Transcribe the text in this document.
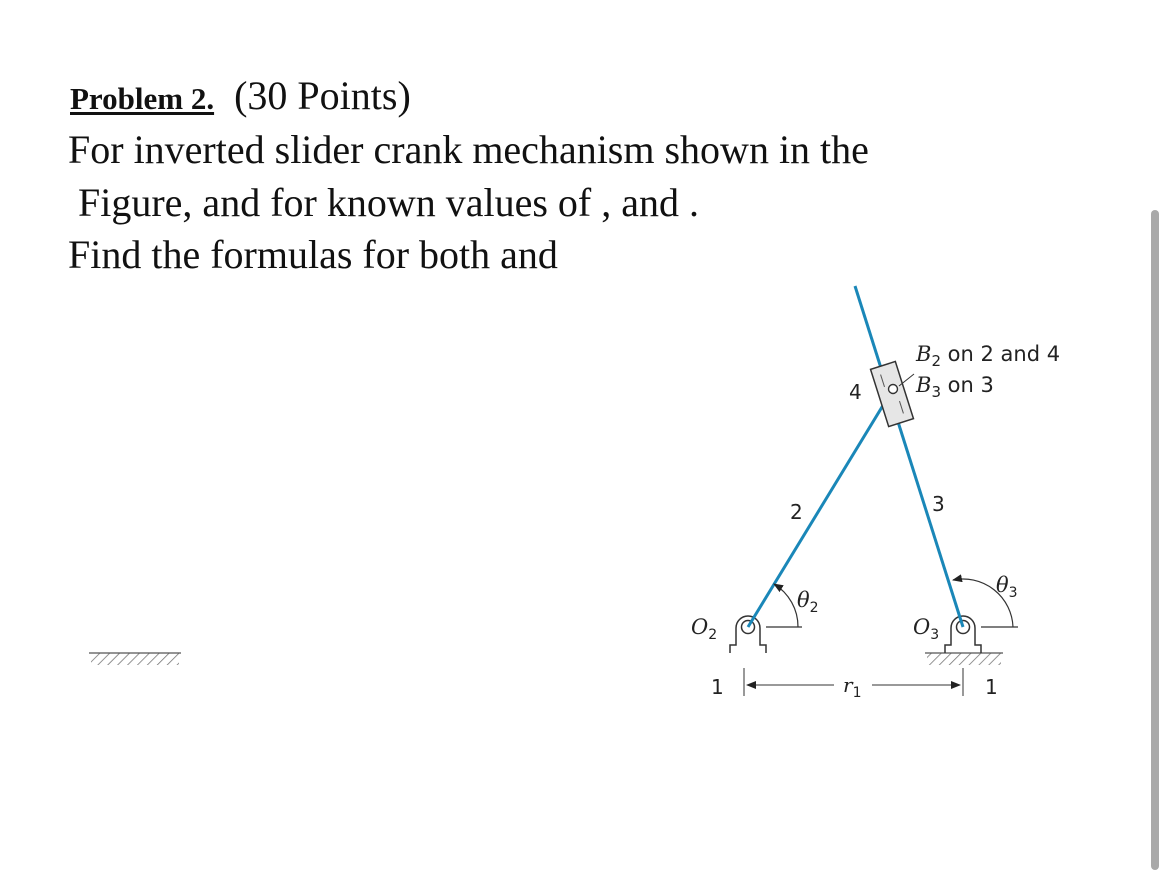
Problem 2. (30 Points)
For inverted slider crank mechanism shown in the
Figure, and for known values of , and .
Find the formulas for both and
$B_2$ on 2 and 4
$B_3$ on 3
4
2	3
$\theta_2$
$\theta_3$
$O_2$	$O_3$
1	1
$r_1$
